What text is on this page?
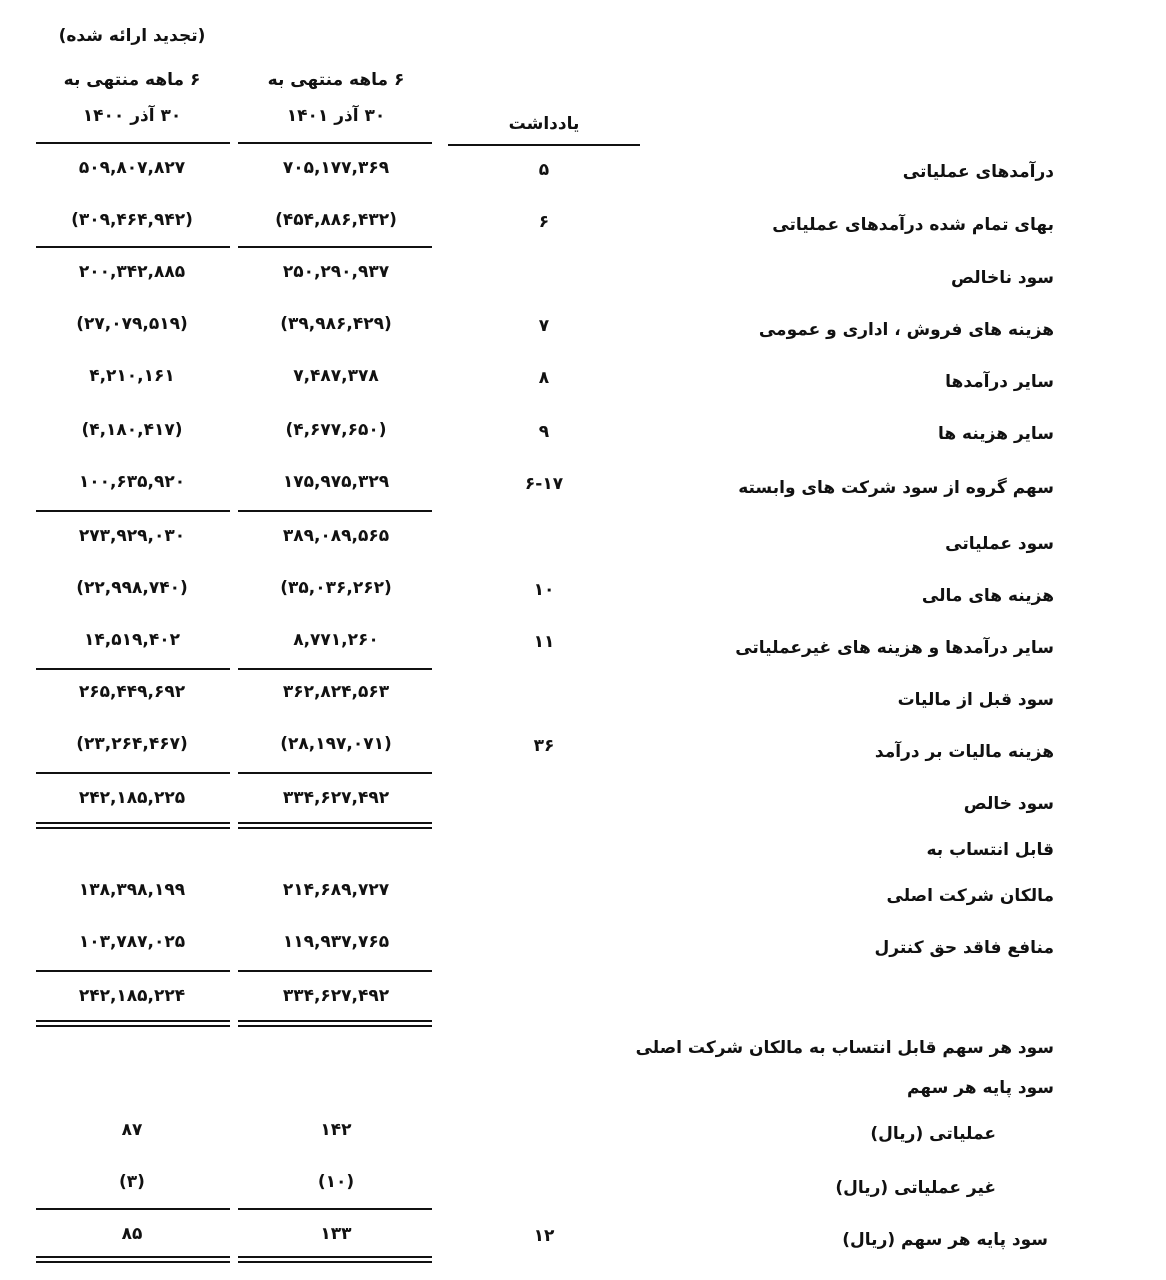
(تجدید ارائه شده)
۶ ماهه منتهی به
۳۰ آذر ۱۴۰۱
۶ ماهه منتهی به
۳۰ آذر ۱۴۰۰	یادداشت
درآمدهای عملیاتی
۵
۷۰۵,۱۷۷,۳۶۹
۵۰۹,۸۰۷,۸۲۷
بهای تمام شده درآمدهای عملیاتی
۶
(۴۵۴,۸۸۶,۴۳۲)
(۳۰۹,۴۶۴,۹۴۲)
سود ناخالص
۲۵۰,۲۹۰,۹۳۷
۲۰۰,۳۴۲,۸۸۵
هزینه های فروش ، اداری و عمومی
۷
(۳۹,۹۸۶,۴۲۹)
(۲۷,۰۷۹,۵۱۹)
سایر درآمدها
۸
۷,۴۸۷,۳۷۸
۴,۲۱۰,۱۶۱
سایر هزینه ها
۹
(۴,۶۷۷,۶۵۰)
(۴,۱۸۰,۴۱۷)
سهم گروه از سود شرکت های وابسته
۶-۱۷
۱۷۵,۹۷۵,۳۲۹
۱۰۰,۶۳۵,۹۲۰
سود عملیاتی
۳۸۹,۰۸۹,۵۶۵
۲۷۳,۹۲۹,۰۳۰
هزینه های مالی
۱۰
(۳۵,۰۳۶,۲۶۲)
(۲۲,۹۹۸,۷۴۰)
سایر درآمدها و هزینه های غیرعملیاتی
۱۱
۸,۷۷۱,۲۶۰
۱۴,۵۱۹,۴۰۲
سود قبل از مالیات
۳۶۲,۸۲۴,۵۶۳
۲۶۵,۴۴۹,۶۹۲
هزینه مالیات بر درآمد
۳۶
(۲۸,۱۹۷,۰۷۱)
(۲۳,۲۶۴,۴۶۷)
سود خالص
۳۳۴,۶۲۷,۴۹۲
۲۴۲,۱۸۵,۲۲۵
قابل انتساب به
مالکان شرکت اصلی
۲۱۴,۶۸۹,۷۲۷
۱۳۸,۳۹۸,۱۹۹
منافع فاقد حق کنترل
۱۱۹,۹۳۷,۷۶۵
۱۰۳,۷۸۷,۰۲۵
۳۳۴,۶۲۷,۴۹۲
۲۴۲,۱۸۵,۲۲۴
سود هر سهم قابل انتساب به مالکان شرکت اصلی
سود پایه هر سهم
عملیاتی (ریال)
۱۴۲
۸۷
غیر عملیاتی (ریال)
(۱۰)
(۳)
سود پایه هر سهم (ریال)
۱۲
۱۳۳
۸۵
